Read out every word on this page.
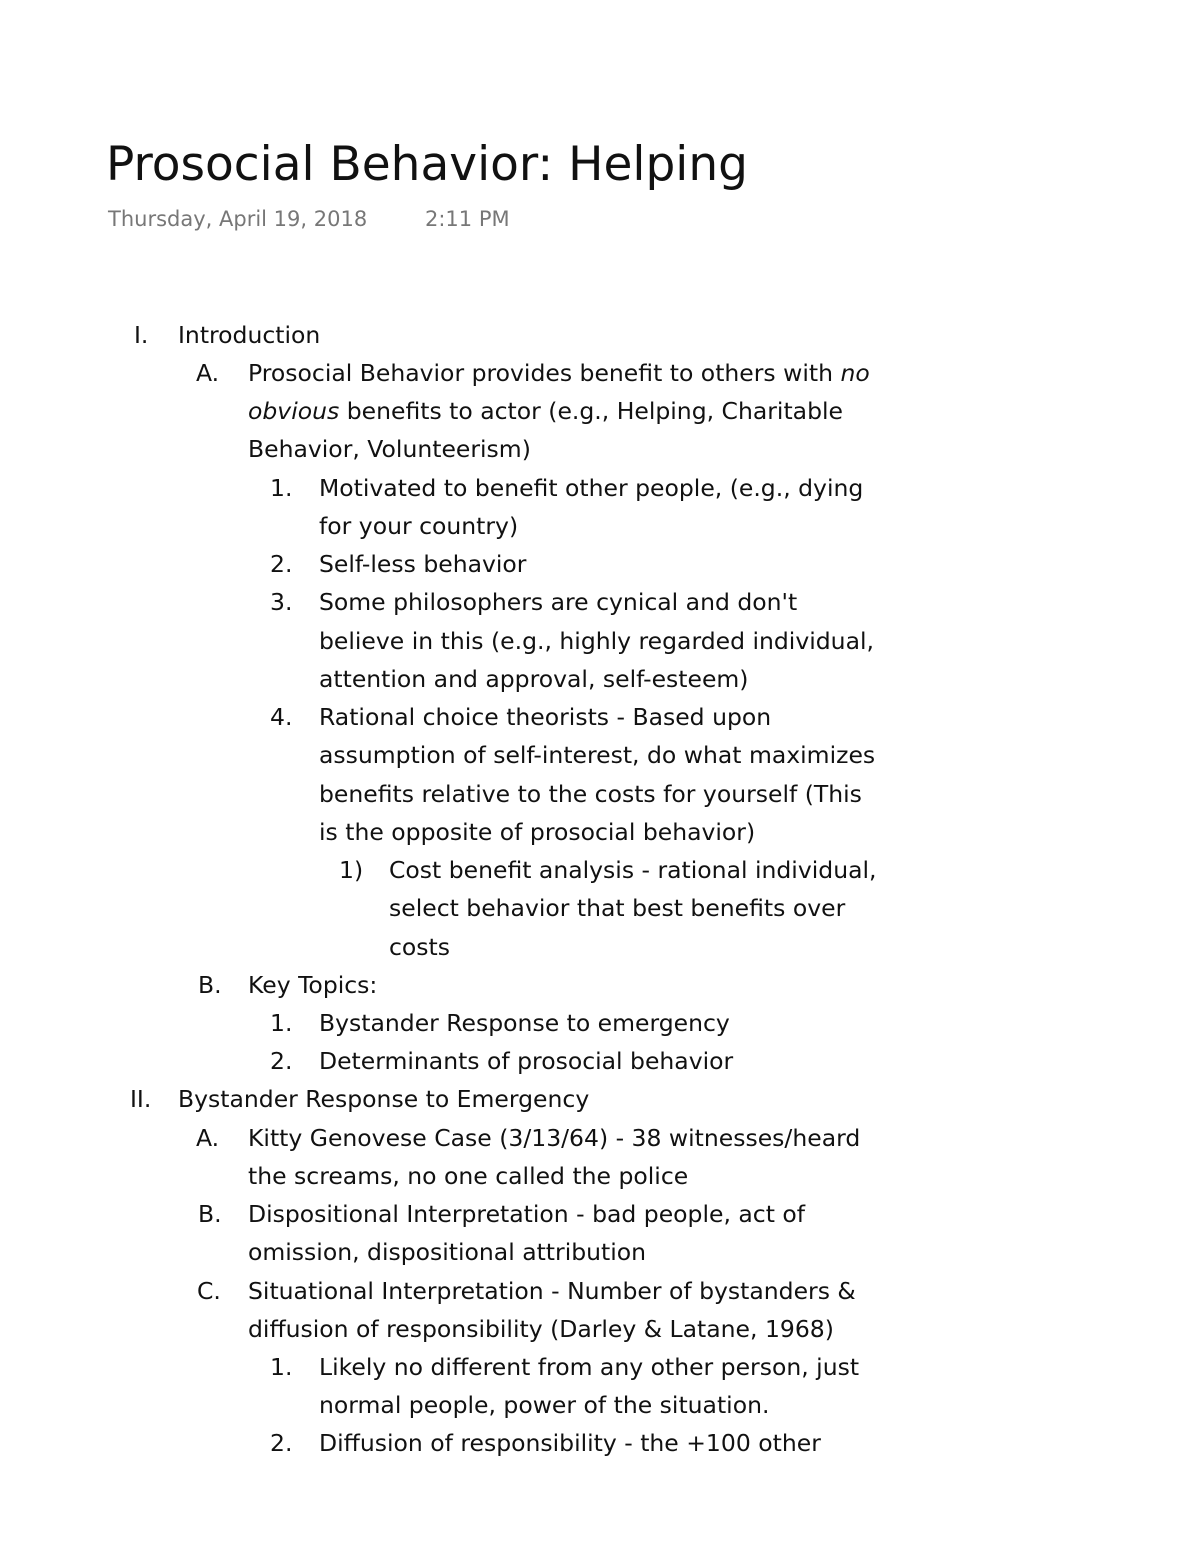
Prosocial Behavior: Helping
Thursday, April 19, 2018	2:11 PM
I. Introduction
A. Prosocial Behavior provides benefit to others with no
obvious benefits to actor (e.g., Helping, Charitable
Behavior, Volunteerism)
1. Motivated to benefit other people, (e.g., dying
for your country)
2. Self-less behavior
3. Some philosophers are cynical and don't
believe in this (e.g., highly regarded individual,
attention and approval, self-esteem)
4. Rational choice theorists - Based upon
assumption of self-interest, do what maximizes
benefits relative to the costs for yourself (This
is the opposite of prosocial behavior)
1) Cost benefit analysis - rational individual,
select behavior that best benefits over
costs
B. Key Topics:
1. Bystander Response to emergency
2. Determinants of prosocial behavior
II. Bystander Response to Emergency
A. Kitty Genovese Case (3/13/64) - 38 witnesses/heard
the screams, no one called the police
B. Dispositional Interpretation - bad people, act of
omission, dispositional attribution
C. Situational Interpretation - Number of bystanders &
diffusion of responsibility (Darley & Latane, 1968)
1. Likely no different from any other person, just
normal people, power of the situation.
2. Diffusion of responsibility - the +100 other
